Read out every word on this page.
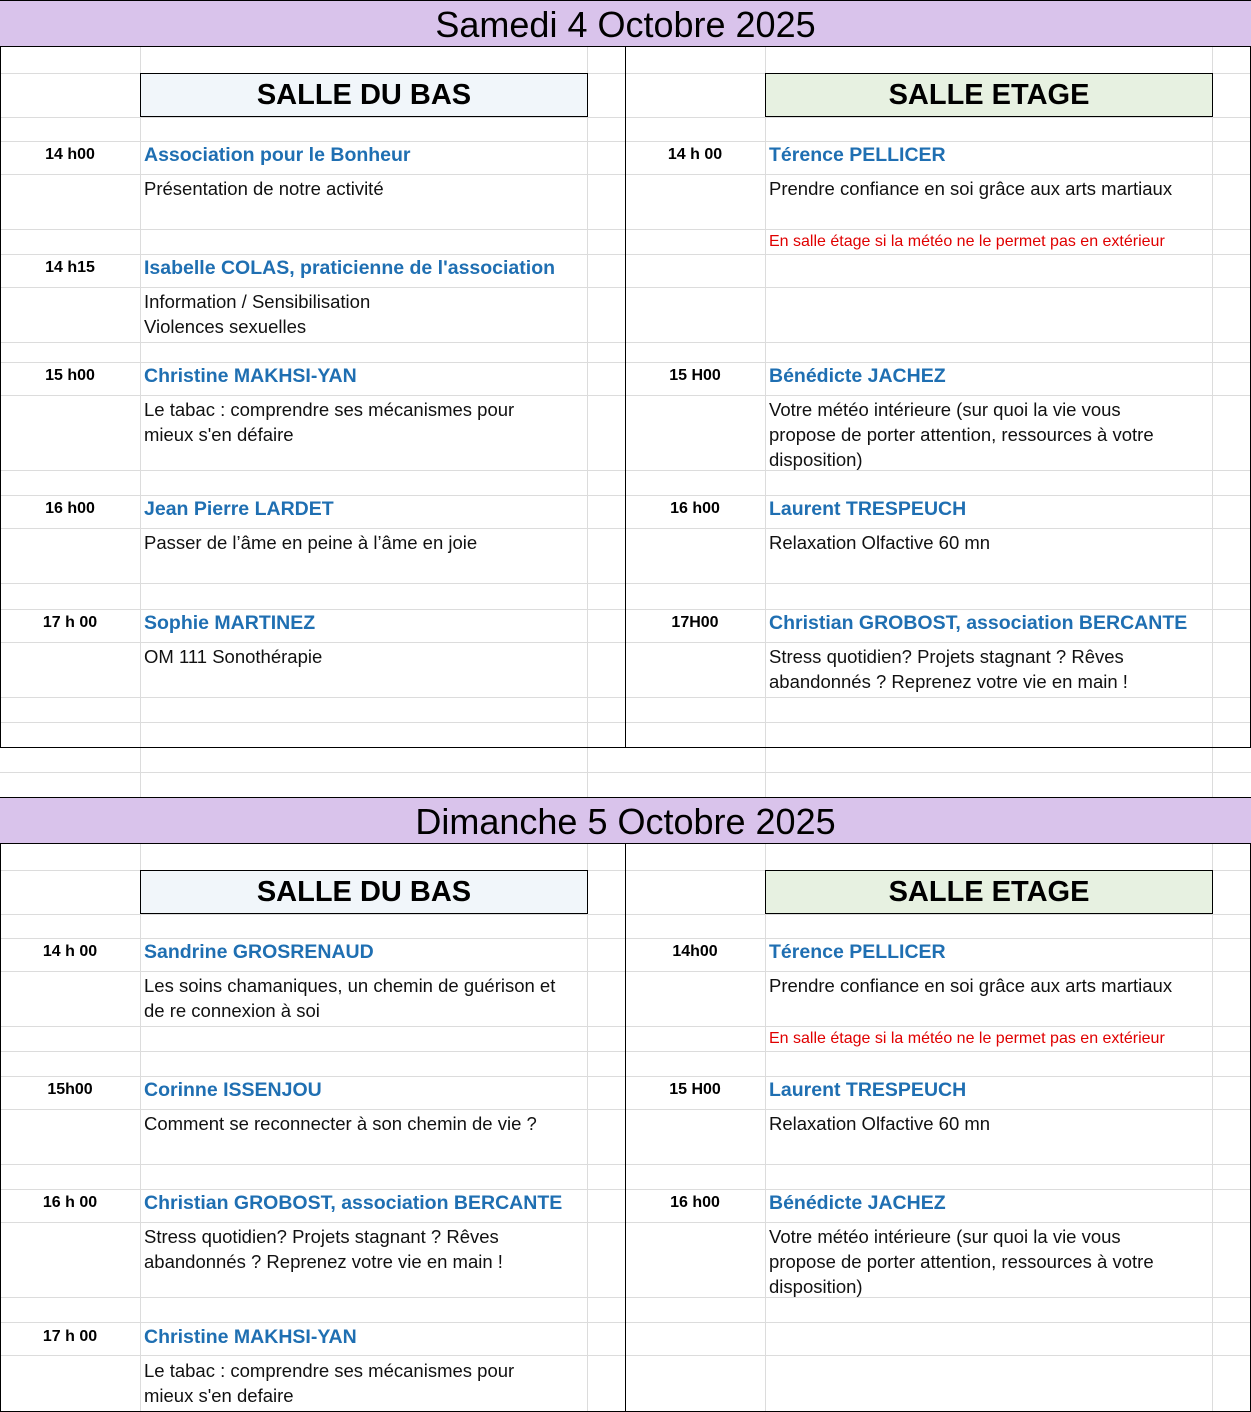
Samedi 4 Octobre 2025
SALLE DU BAS	SALLE ETAGE
14 h00	Association pour le Bonheur
Présentation de notre activité
14 h15	Isabelle COLAS, praticienne de l'association
Information / Sensibilisation
Violences sexuelles
15 h00	Christine MAKHSI-YAN
Le tabac : comprendre ses mécanismes pour
mieux s'en défaire
16 h00	Jean Pierre LARDET
Passer de l’âme en peine à l’âme en joie
17 h 00	Sophie MARTINEZ
OM 111 Sonothérapie
14 h 00	Térence PELLICER
Prendre confiance en soi grâce aux arts martiaux
En salle étage si la météo ne le permet pas en extérieur
15 H00	Bénédicte JACHEZ
Votre météo intérieure (sur quoi la vie vous
propose de porter attention, ressources à votre
disposition)
16 h00	Laurent TRESPEUCH
Relaxation Olfactive 60 mn
17H00	Christian GROBOST, association BERCANTE
Stress quotidien? Projets stagnant ? Rêves
abandonnés ? Reprenez votre vie en main !
Dimanche 5 Octobre 2025
SALLE DU BAS	SALLE ETAGE
14 h 00	Sandrine GROSRENAUD
Les soins chamaniques, un chemin de guérison et
de re connexion à soi
15h00	Corinne ISSENJOU
Comment se reconnecter à son chemin de vie ?
16 h 00	Christian GROBOST, association BERCANTE
Stress quotidien? Projets stagnant ? Rêves
abandonnés ? Reprenez votre vie en main !
17 h 00	Christine MAKHSI-YAN
Le tabac : comprendre ses mécanismes pour
mieux s'en defaire
14h00	Térence PELLICER
Prendre confiance en soi grâce aux arts martiaux
En salle étage si la météo ne le permet pas en extérieur
15 H00	Laurent TRESPEUCH
Relaxation Olfactive 60 mn
16 h00	Bénédicte JACHEZ
Votre météo intérieure (sur quoi la vie vous
propose de porter attention, ressources à votre
disposition)
